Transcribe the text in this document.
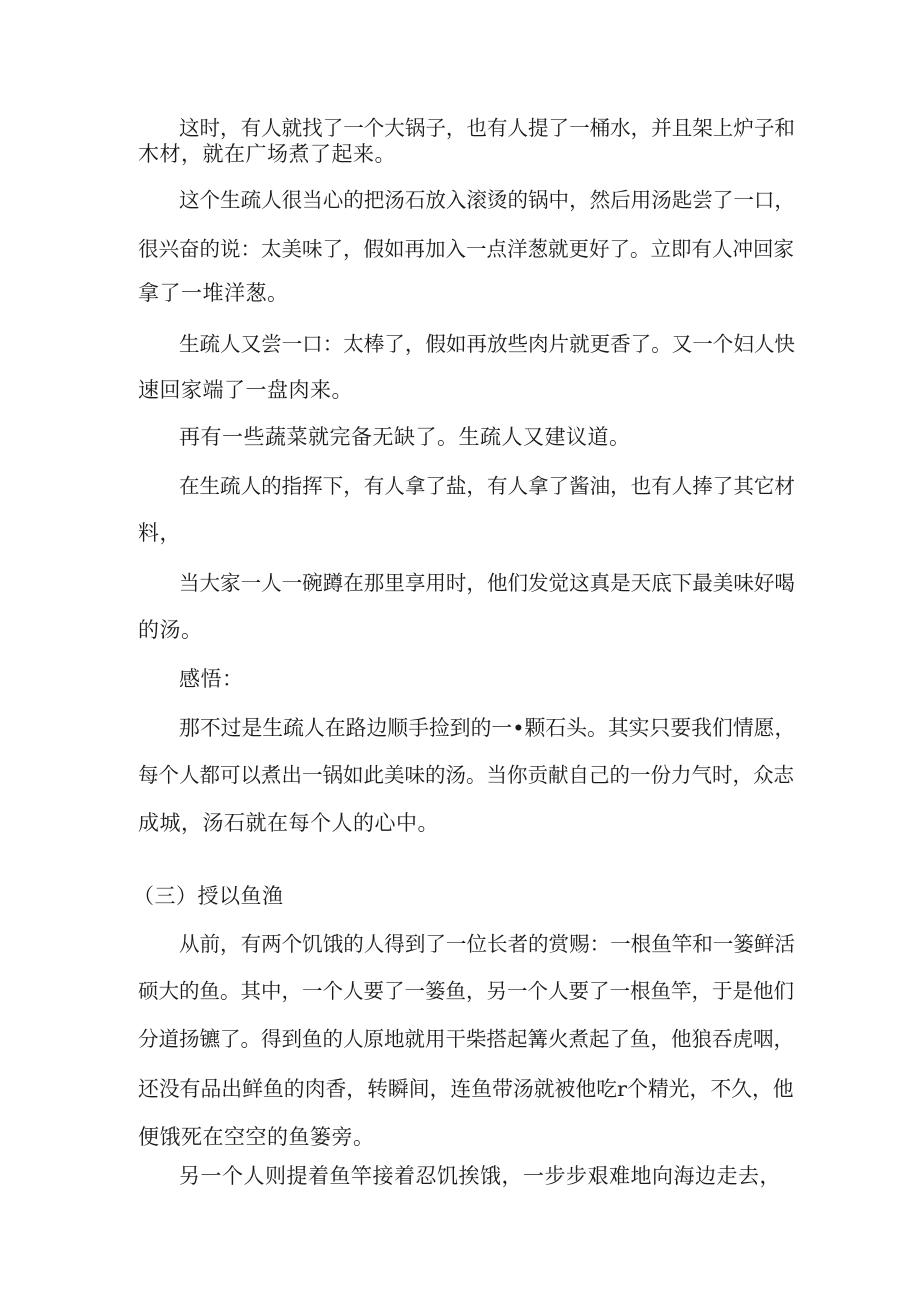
这时，有人就找了一个大锅子，也有人提了一桶水，并且架上炉子和
木材，就在广场煮了起来。
这个生疏人很当心的把汤石放入滚烫的锅中，然后用汤匙尝了一口，
很兴奋的说：太美味了，假如再加入一点洋葱就更好了。立即有人冲回家
拿了一堆洋葱。
生疏人又尝一口：太棒了，假如再放些肉片就更香了。又一个妇人快
速回家端了一盘肉来。
再有一些蔬菜就完备无缺了。生疏人又建议道。
在生疏人的指挥下，有人拿了盐，有人拿了酱油，也有人捧了其它材
料，
当大家一人一碗蹲在那里享用时，他们发觉这真是天底下最美味好喝
的汤。
感悟：
那不过是生疏人在路边顺手捡到的一•颗石头。其实只要我们情愿，
每个人都可以煮出一锅如此美味的汤。当你贡献自己的一份力气时，众志
成城，汤石就在每个人的心中。
（三）授以鱼渔
从前，有两个饥饿的人得到了一位长者的赏赐：一根鱼竿和一篓鲜活
硕大的鱼。其中，一个人要了一篓鱼，另一个人要了一根鱼竿，于是他们
分道扬镳了。得到鱼的人原地就用干柴搭起篝火煮起了鱼，他狼吞虎咽，
还没有品出鲜鱼的肉香，转瞬间，连鱼带汤就被他吃r个精光，不久，他
便饿死在空空的鱼篓旁。
另一个人则提着鱼竿接着忍饥挨饿，一步步艰难地向海边走去，
